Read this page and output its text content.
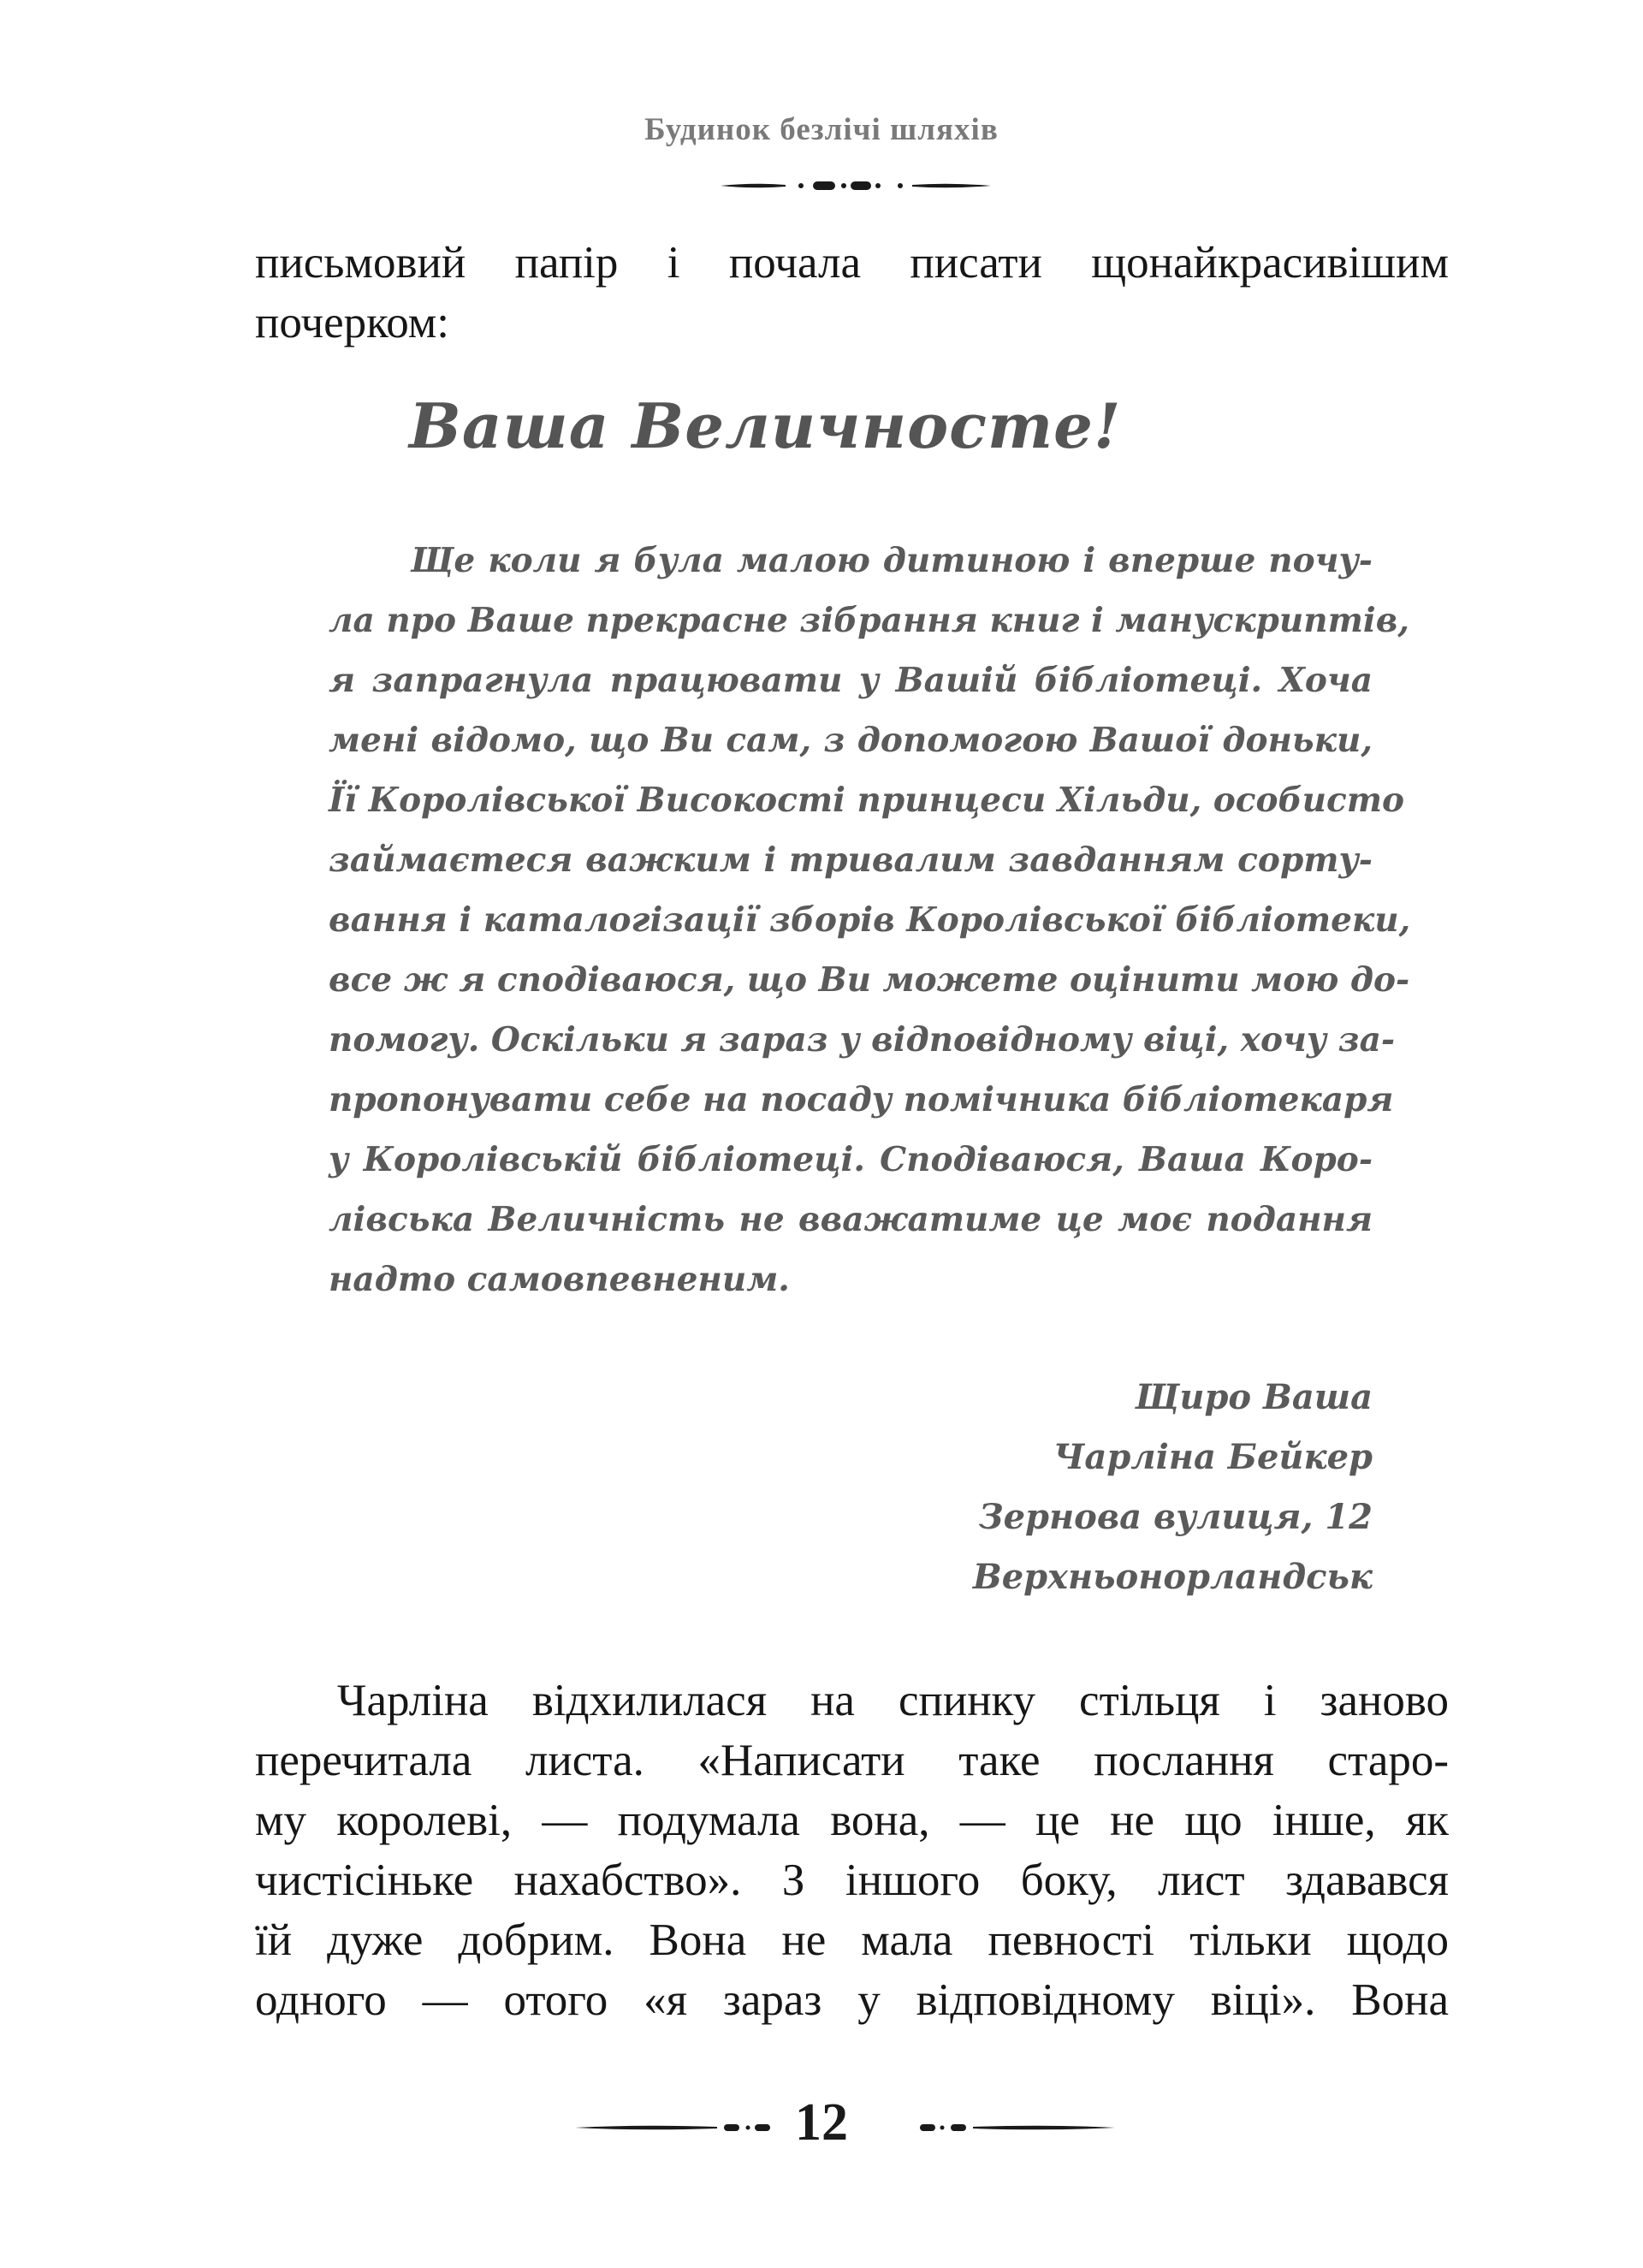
Будинок безлічі шляхів
письмовий папір і почала писати щонайкрасивішим
почерком:
Ваша Величносте!
Ще коли я була малою дитиною і вперше почу-
ла про Ваше прекрасне зібрання книг і манускриптів,
я запрагнула працювати у Вашій бібліотеці. Хоча
мені відомо, що Ви сам, з допомогою Вашої доньки,
Її Королівської Високості принцеси Хільди, особисто
займаєтеся важким і тривалим завданням сорту-
вання і каталогізації зборів Королівської бібліотеки,
все ж я сподіваюся, що Ви можете оцінити мою до-
помогу. Оскільки я зараз у відповідному віці, хочу за-
пропонувати себе на посаду помічника бібліотекаря
у Королівській бібліотеці. Сподіваюся, Ваша Коро-
лівська Величність не вважатиме це моє подання
надто самовпевненим.
Щиро Ваша
Чарліна Бейкер
Зернова вулиця, 12
Верхньонорландськ
Чарліна відхилилася на спинку стільця і заново
перечитала листа. «Написати таке послання старо-
му королеві, — подумала вона, — це не що інше, як
чистісіньке нахабство». З іншого боку, лист здавався
їй дуже добрим. Вона не мала певності тільки щодо
одного — отого «я зараз у відповідному віці». Вона
12
